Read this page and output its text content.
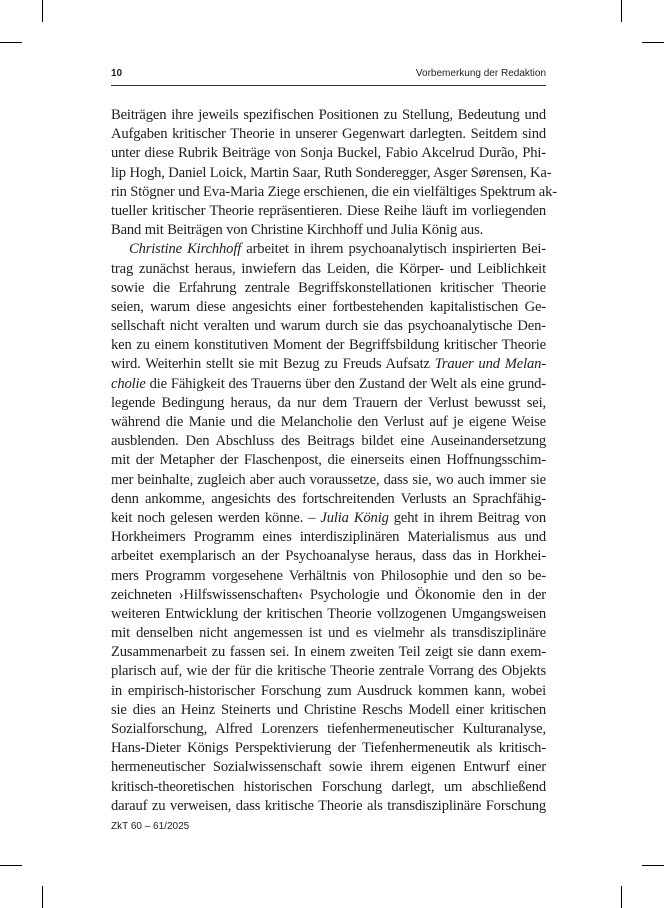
10	Vorbemerkung der Redaktion
Beiträgen ihre jeweils spezifischen Positionen zu Stellung, Bedeutung und
Aufgaben kritischer Theorie in unserer Gegenwart darlegten. Seitdem sind
unter diese Rubrik Beiträge von Sonja Buckel, Fabio Akcelrud Durão, Phi-
lip Hogh, Daniel Loick, Martin Saar, Ruth Sonderegger, Asger Sørensen, Ka-
rin Stögner und Eva-Maria Ziege erschienen, die ein vielfältiges Spektrum ak-
tueller kritischer Theorie repräsentieren. Diese Reihe läuft im vorliegenden
Band mit Beiträgen von Christine Kirchhoff und Julia König aus.
Christine Kirchhoff arbeitet in ihrem psychoanalytisch inspirierten Bei-
trag zunächst heraus, inwiefern das Leiden, die Körper- und Leiblichkeit
sowie die Erfahrung zentrale Begriffskonstellationen kritischer Theorie
seien, warum diese angesichts einer fortbestehenden kapitalistischen Ge-
sellschaft nicht veralten und warum durch sie das psychoanalytische Den-
ken zu einem konstitutiven Moment der Begriffsbildung kritischer Theorie
wird. Weiterhin stellt sie mit Bezug zu Freuds Aufsatz Trauer und Melan-
cholie die Fähigkeit des Trauerns über den Zustand der Welt als eine grund-
legende Bedingung heraus, da nur dem Trauern der Verlust bewusst sei,
während die Manie und die Melancholie den Verlust auf je eigene Weise
ausblenden. Den Abschluss des Beitrags bildet eine Auseinandersetzung
mit der Metapher der Flaschenpost, die einerseits einen Hoffnungsschim-
mer beinhalte, zugleich aber auch voraussetze, dass sie, wo auch immer sie
denn ankomme, angesichts des fortschreitenden Verlusts an Sprachfähig-
keit noch gelesen werden könne. – Julia König geht in ihrem Beitrag von
Horkheimers Programm eines interdisziplinären Materialismus aus und
arbeitet exemplarisch an der Psychoanalyse heraus, dass das in Horkhei-
mers Programm vorgesehene Verhältnis von Philosophie und den so be-
zeichneten ›Hilfswissenschaften‹ Psychologie und Ökonomie den in der
weiteren Entwicklung der kritischen Theorie vollzogenen Umgangsweisen
mit denselben nicht angemessen ist und es vielmehr als transdisziplinäre
Zusammenarbeit zu fassen sei. In einem zweiten Teil zeigt sie dann exem-
plarisch auf, wie der für die kritische Theorie zentrale Vorrang des Objekts
in empirisch-historischer Forschung zum Ausdruck kommen kann, wobei
sie dies an Heinz Steinerts und Christine Reschs Modell einer kritischen
Sozialforschung, Alfred Lorenzers tiefenhermeneutischer Kulturanalyse,
Hans-Dieter Königs Perspektivierung der Tiefenhermeneutik als kritisch-
hermeneutischer Sozialwissenschaft sowie ihrem eigenen Entwurf einer
kritisch-theoretischen historischen Forschung darlegt, um abschließend
darauf zu verweisen, dass kritische Theorie als transdisziplinäre Forschung
ZkT 60 – 61/2025
